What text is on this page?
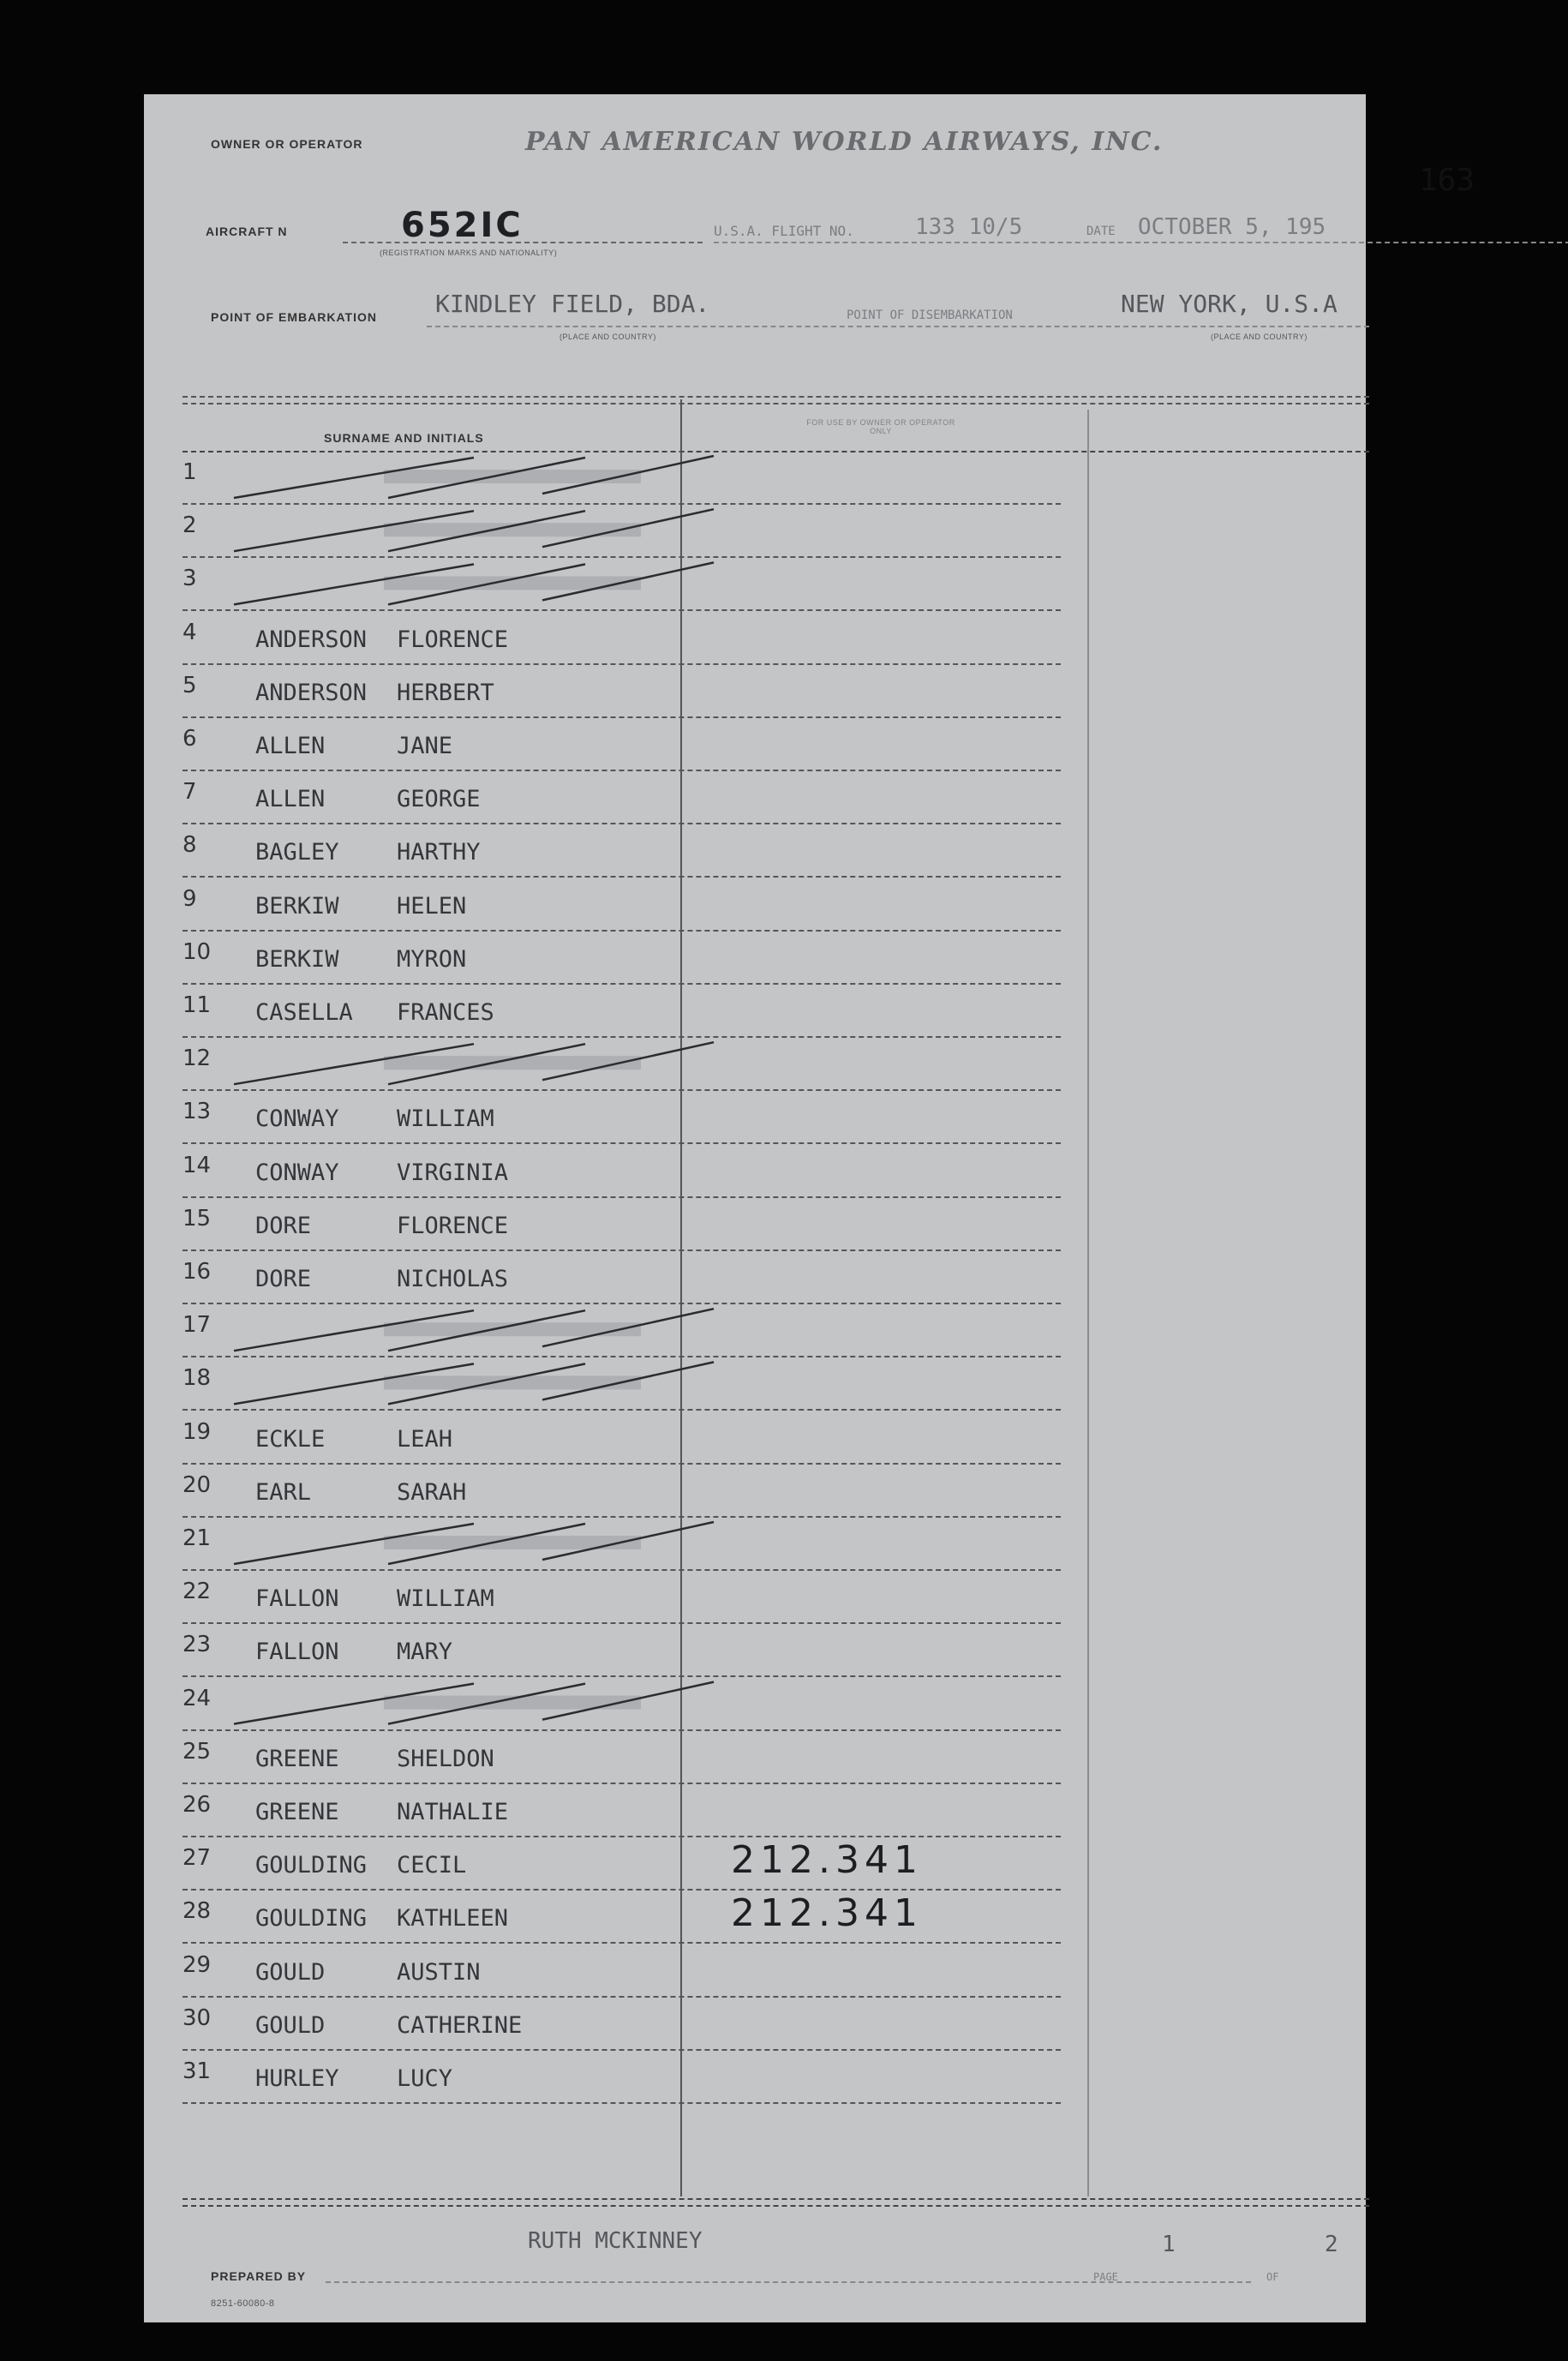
OWNER OR OPERATOR	PAN AMERICAN WORLD AIRWAYS, INC.
163
AIRCRAFT N	652IC
(REGISTRATION MARKS AND NATIONALITY)
U.S.A. FLIGHT NO.	133 10/5	DATE OCTOBER 5, 195
POINT OF EMBARKATION KINDLEY FIELD, BDA.
(PLACE AND COUNTRY)
POINT OF DISEMBARKATION	NEW YORK, U.S.A
(PLACE AND COUNTRY)
SURNAME AND INITIALS
FOR USE BY OWNER OR OPERATOR ONLY
1
2
3
4	ANDERSON FLORENCE
5	ANDERSON HERBERT
6	ALLEN	JANE
7	ALLEN	GEORGE
8	BAGLEY HARTHY
9	BERKIW HELEN
10	BERKIW MYRON
11	CASELLA FRANCES
12
13	CONWAY WILLIAM
14	CONWAY VIRGINIA
15	DORE	FLORENCE
16	DORE	NICHOLAS
17
18
19	ECKLE	LEAH
20	EARL	SARAH
21
22	FALLON WILLIAM
23	FALLON MARY
24
25	GREENE SHELDON
26	GREENE NATHALIE
27	GOULDING CECIL	212.341
28	GOULDING KATHLEEN	212.341
29	GOULD	AUSTIN
30	GOULD	CATHERINE
31	HURLEY LUCY
RUTH MCKINNEY
PREPARED BY	PAGE
1
OF
2
8251-60080-8
